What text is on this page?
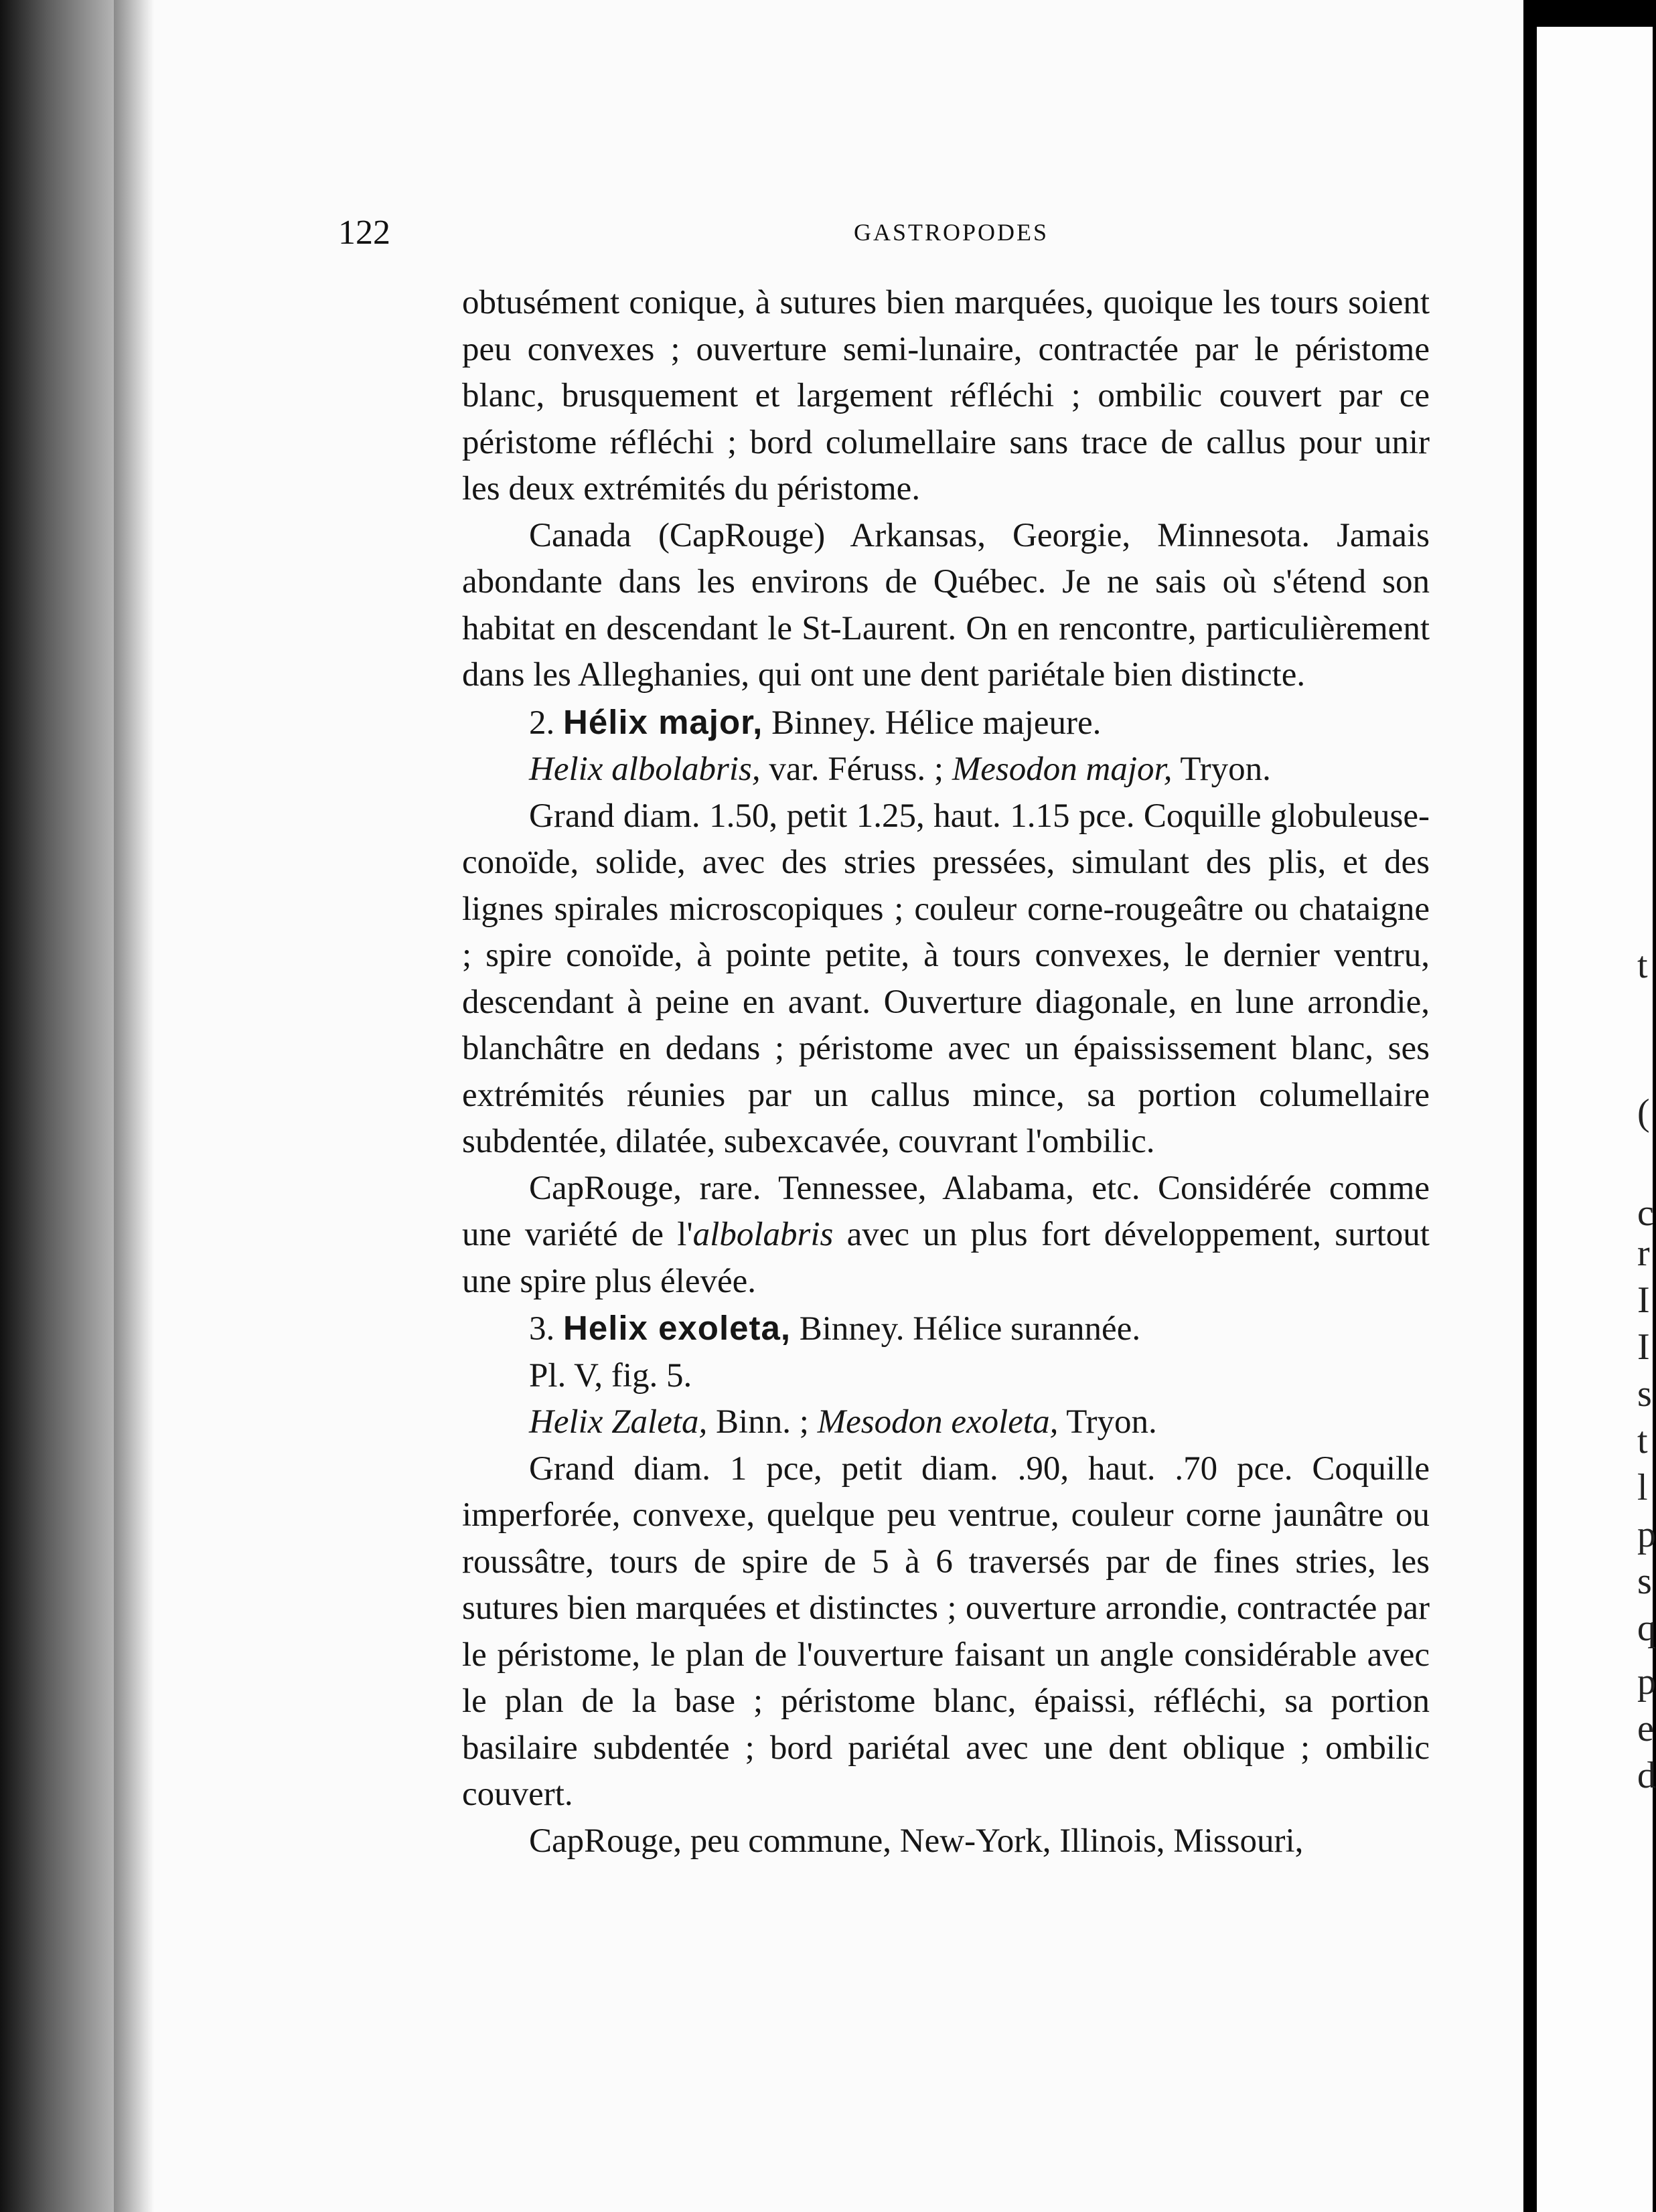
t
(
c
r
I
I
s
t
l
p
s
q
p
e
d
122	GASTROPODES

obtusément conique, à sutures bien marquées, quoique les tours soient peu convexes ; ouverture semi-lunaire, contractée par le péristome blanc, brusquement et largement réfléchi ; ombilic couvert par ce péristome réfléchi ; bord columellaire sans trace de callus pour unir les deux extrémités du péristome.

Canada (CapRouge) Arkansas, Georgie, Minnesota. Jamais abondante dans les environs de Québec. Je ne sais où s'étend son habitat en descendant le St-Laurent. On en rencontre, particulièrement dans les Alleghanies, qui ont une dent pariétale bien distincte.

2. Hélix major, Binney. Hélice majeure.

Helix albolabris, var. Féruss. ; Mesodon major, Tryon.

Grand diam. 1.50, petit 1.25, haut. 1.15 pce. Coquille globuleuse-conoïde, solide, avec des stries pressées, simulant des plis, et des lignes spirales microscopiques ; couleur corne-rougeâtre ou chataigne ; spire conoïde, à pointe petite, à tours convexes, le dernier ventru, descendant à peine en avant. Ouverture diagonale, en lune arrondie, blanchâtre en dedans ; péristome avec un épaississement blanc, ses extrémités réunies par un callus mince, sa portion columellaire subdentée, dilatée, subexcavée, couvrant l'ombilic.

CapRouge, rare. Tennessee, Alabama, etc. Considérée comme une variété de l'albolabris avec un plus fort développement, surtout une spire plus élevée.

3. Helix exoleta, Binney. Hélice surannée.

Pl. V, fig. 5.

Helix Zaleta, Binn. ; Mesodon exoleta, Tryon.

Grand diam. 1 pce, petit diam. .90, haut. .70 pce. Coquille imperforée, convexe, quelque peu ventrue, couleur corne jaunâtre ou roussâtre, tours de spire de 5 à 6 traversés par de fines stries, les sutures bien marquées et distinctes ; ouverture arrondie, contractée par le péristome, le plan de l'ouverture faisant un angle considérable avec le plan de la base ; péristome blanc, épaissi, réfléchi, sa portion basilaire subdentée ; bord pariétal avec une dent oblique ; ombilic couvert.

CapRouge, peu commune, New-York, Illinois, Missouri,
